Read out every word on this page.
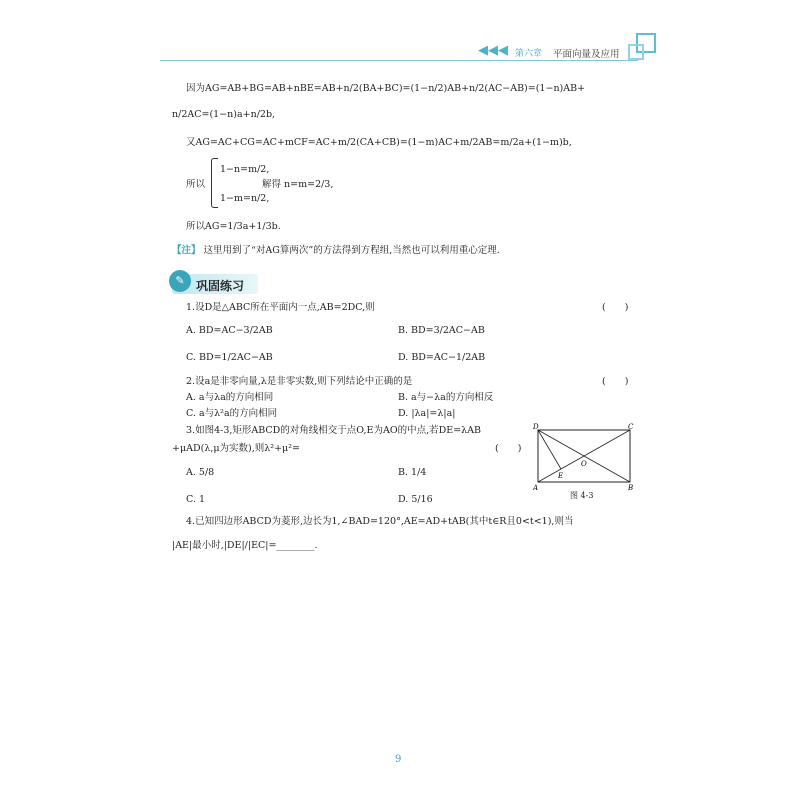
◀◀◀ 第六章 平面向量及应用
因为AG=AB+BG=AB+nBE=AB+n/2(BA+BC)=(1−n/2)AB+n/2(AC−AB)=(1−n)AB+
n/2AC=(1−n)a+n/2b,
又AG=AC+CG=AC+mCF=AC+m/2(CA+CB)=(1−m)AC+m/2AB=m/2a+(1−m)b,
所以
1−n=m/2,
1−m=n/2,
解得 n=m=2/3,
所以AG=1/3a+1/3b.
【注】 这里用到了“对AG算两次”的方法得到方程组,当然也可以利用重心定理.
✎ 巩固练习
1.设D是△ABC所在平面内一点,AB=2DC,则	(　　)
A. BD=AC−3/2AB	B. BD=3/2AC−AB
C. BD=1/2AC−AB	D. BD=AC−1/2AB
2.设a是非零向量,λ是非零实数,则下列结论中正确的是	(　　)
A. a与λa的方向相同	B. a与−λa的方向相反
C. a与λ²a的方向相同	D. |λa|=λ|a|
3.如图4-3,矩形ABCD的对角线相交于点O,E为AO的中点,若DE=λAB
+μAD(λ,μ为实数),则λ²+μ²=	(　　)
A. 5/8	B. 1/4
C. 1	D. 5/16
D	C
A	B
O
E
图 4-3
4.已知四边形ABCD为菱形,边长为1,∠BAD=120°,AE=AD+tAB(其中t∈R且0<t<1),则当
|AE|最小时,|DE|/|EC|=________.
9
